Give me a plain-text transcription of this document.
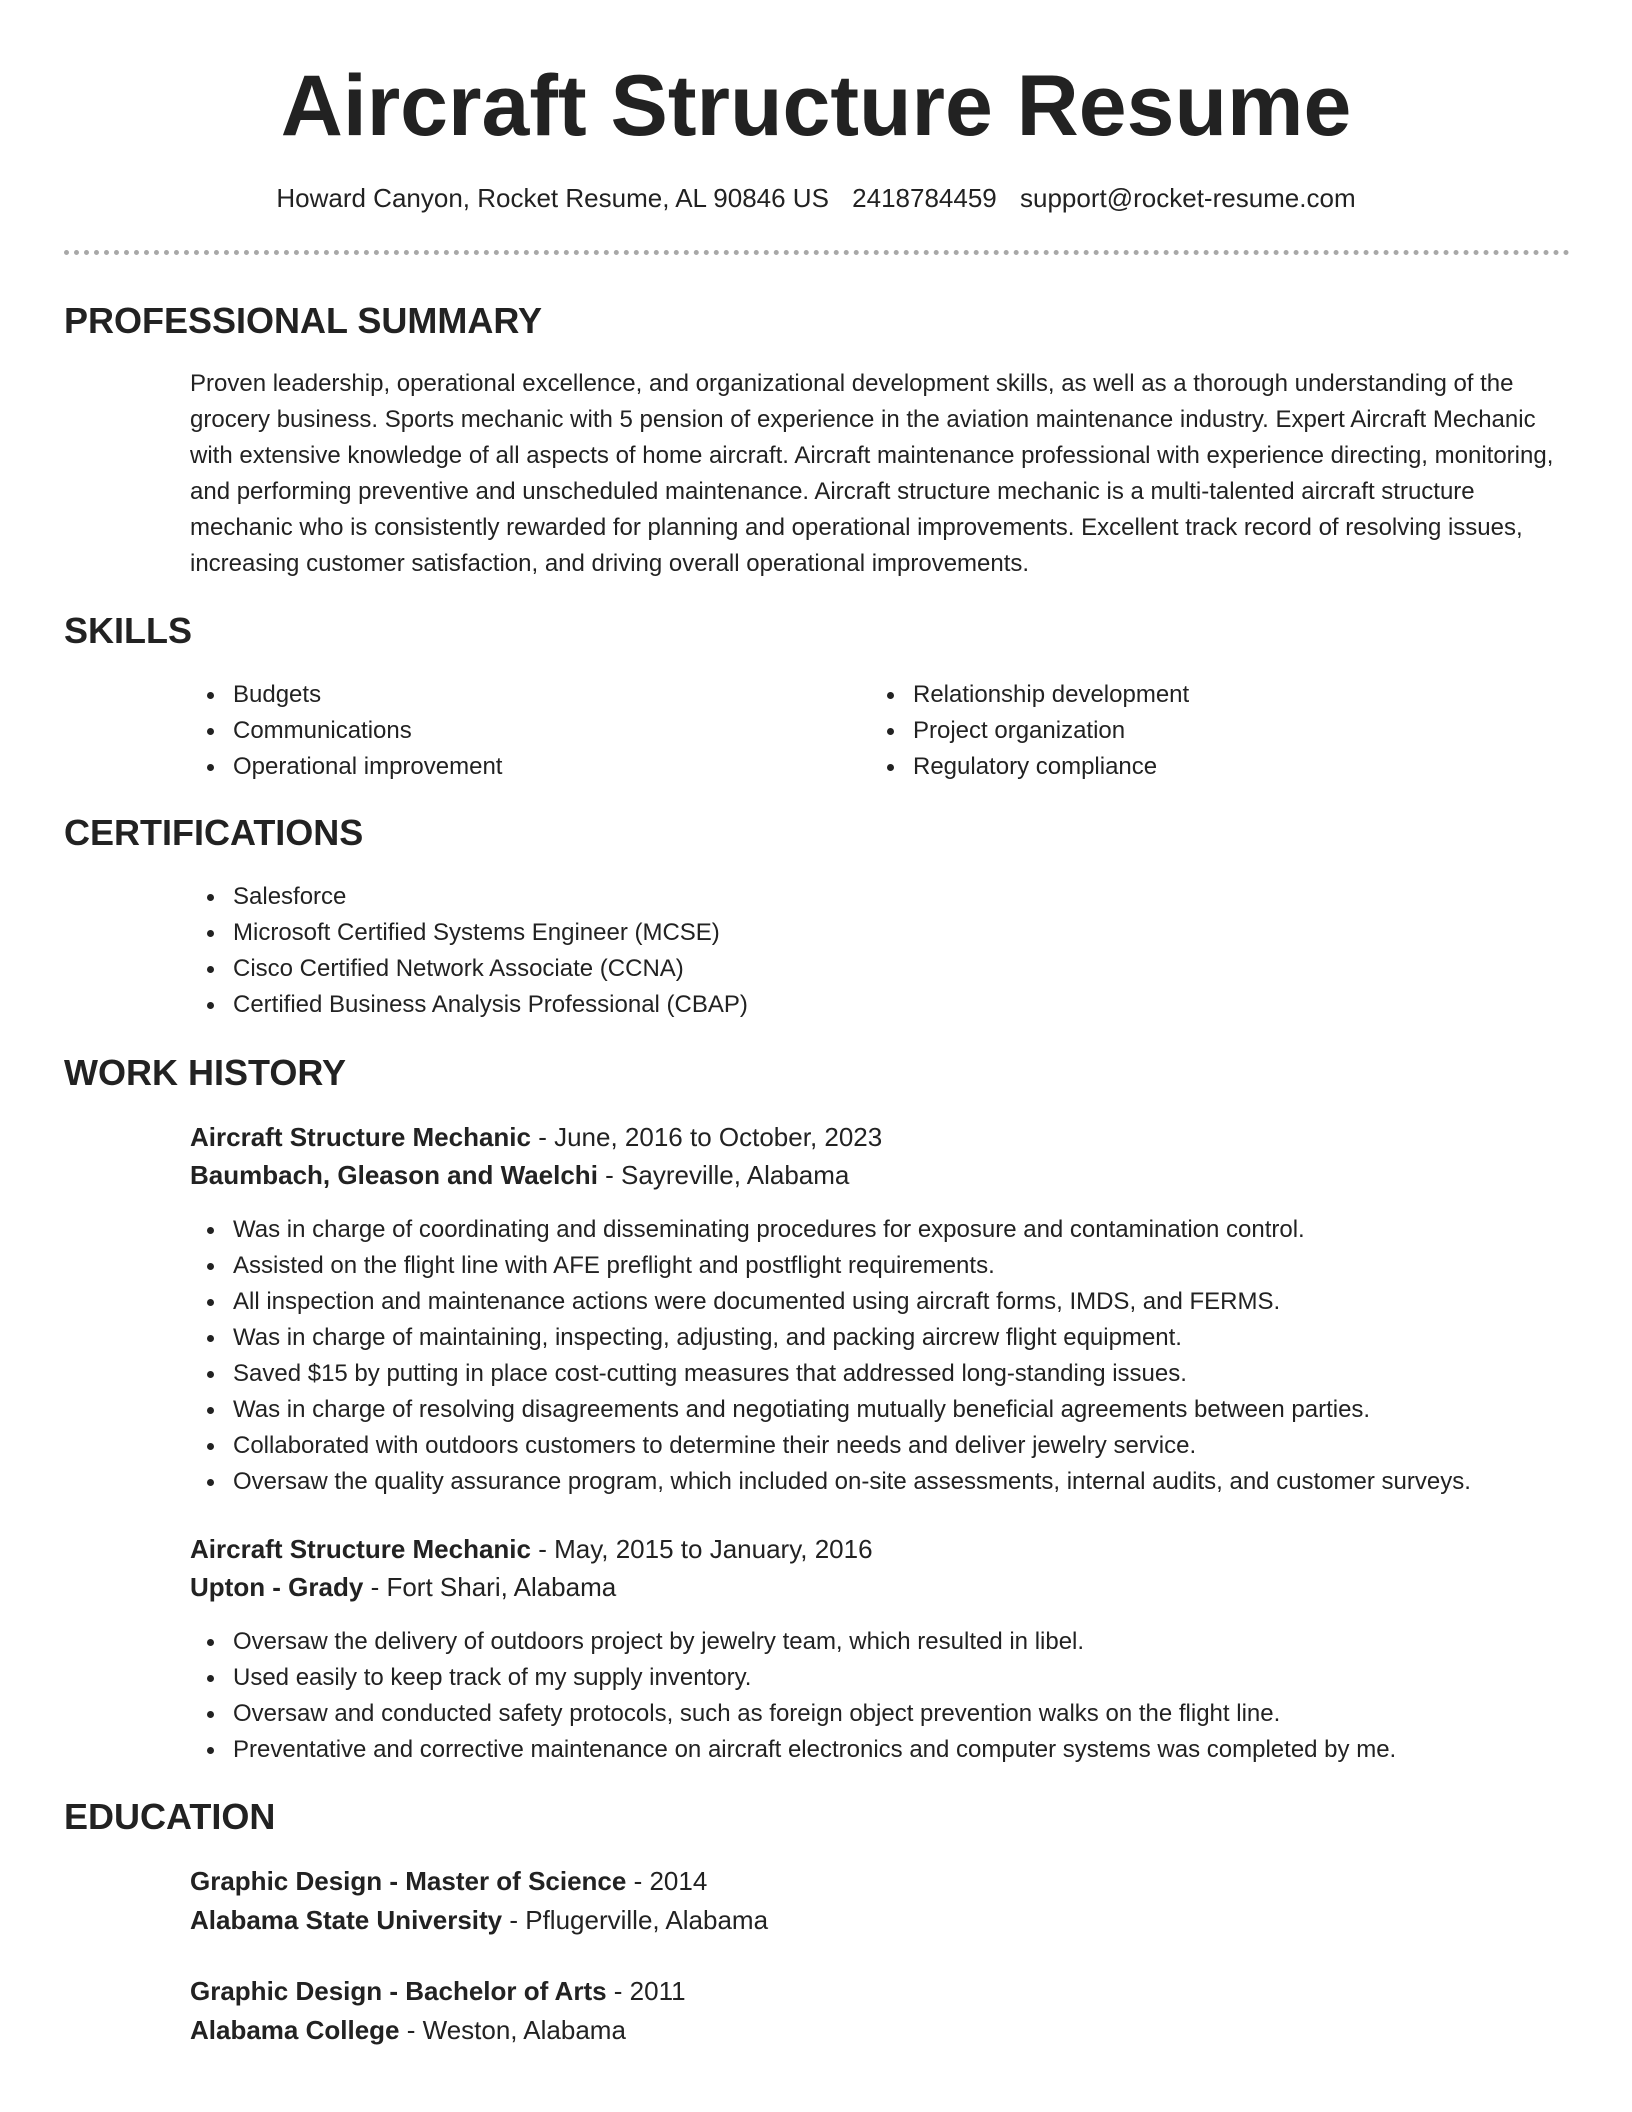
Aircraft Structure Resume
Howard Canyon, Rocket Resume, AL 90846 US 2418784459 support@rocket-resume.com
PROFESSIONAL SUMMARY

Proven leadership, operational excellence, and organizational development skills, as well as a thorough understanding of the grocery business. Sports mechanic with 5 pension of experience in the aviation maintenance industry. Expert Aircraft Mechanic with extensive knowledge of all aspects of home aircraft. Aircraft maintenance professional with experience directing, monitoring, and performing preventive and unscheduled maintenance. Aircraft structure mechanic is a multi-talented aircraft structure mechanic who is consistently rewarded for planning and operational improvements. Excellent track record of resolving issues, increasing customer satisfaction, and driving overall operational improvements.

SKILLS
Budgets
Communications
Operational improvement
Relationship development
Project organization
Regulatory compliance
CERTIFICATIONS
Salesforce
Microsoft Certified Systems Engineer (MCSE)
Cisco Certified Network Associate (CCNA)
Certified Business Analysis Professional (CBAP)
WORK HISTORY
Aircraft Structure Mechanic - June, 2016 to October, 2023
Baumbach, Gleason and Waelchi - Sayreville, Alabama
Was in charge of coordinating and disseminating procedures for exposure and contamination control.
Assisted on the flight line with AFE preflight and postflight requirements.
All inspection and maintenance actions were documented using aircraft forms, IMDS, and FERMS.
Was in charge of maintaining, inspecting, adjusting, and packing aircrew flight equipment.
Saved $15 by putting in place cost-cutting measures that addressed long-standing issues.
Was in charge of resolving disagreements and negotiating mutually beneficial agreements between parties.
Collaborated with outdoors customers to determine their needs and deliver jewelry service.
Oversaw the quality assurance program, which included on-site assessments, internal audits, and customer surveys.
Aircraft Structure Mechanic - May, 2015 to January, 2016
Upton - Grady - Fort Shari, Alabama
Oversaw the delivery of outdoors project by jewelry team, which resulted in libel.
Used easily to keep track of my supply inventory.
Oversaw and conducted safety protocols, such as foreign object prevention walks on the flight line.
Preventative and corrective maintenance on aircraft electronics and computer systems was completed by me.
EDUCATION
Graphic Design - Master of Science - 2014
Alabama State University - Pflugerville, Alabama
Graphic Design - Bachelor of Arts - 2011
Alabama College - Weston, Alabama
